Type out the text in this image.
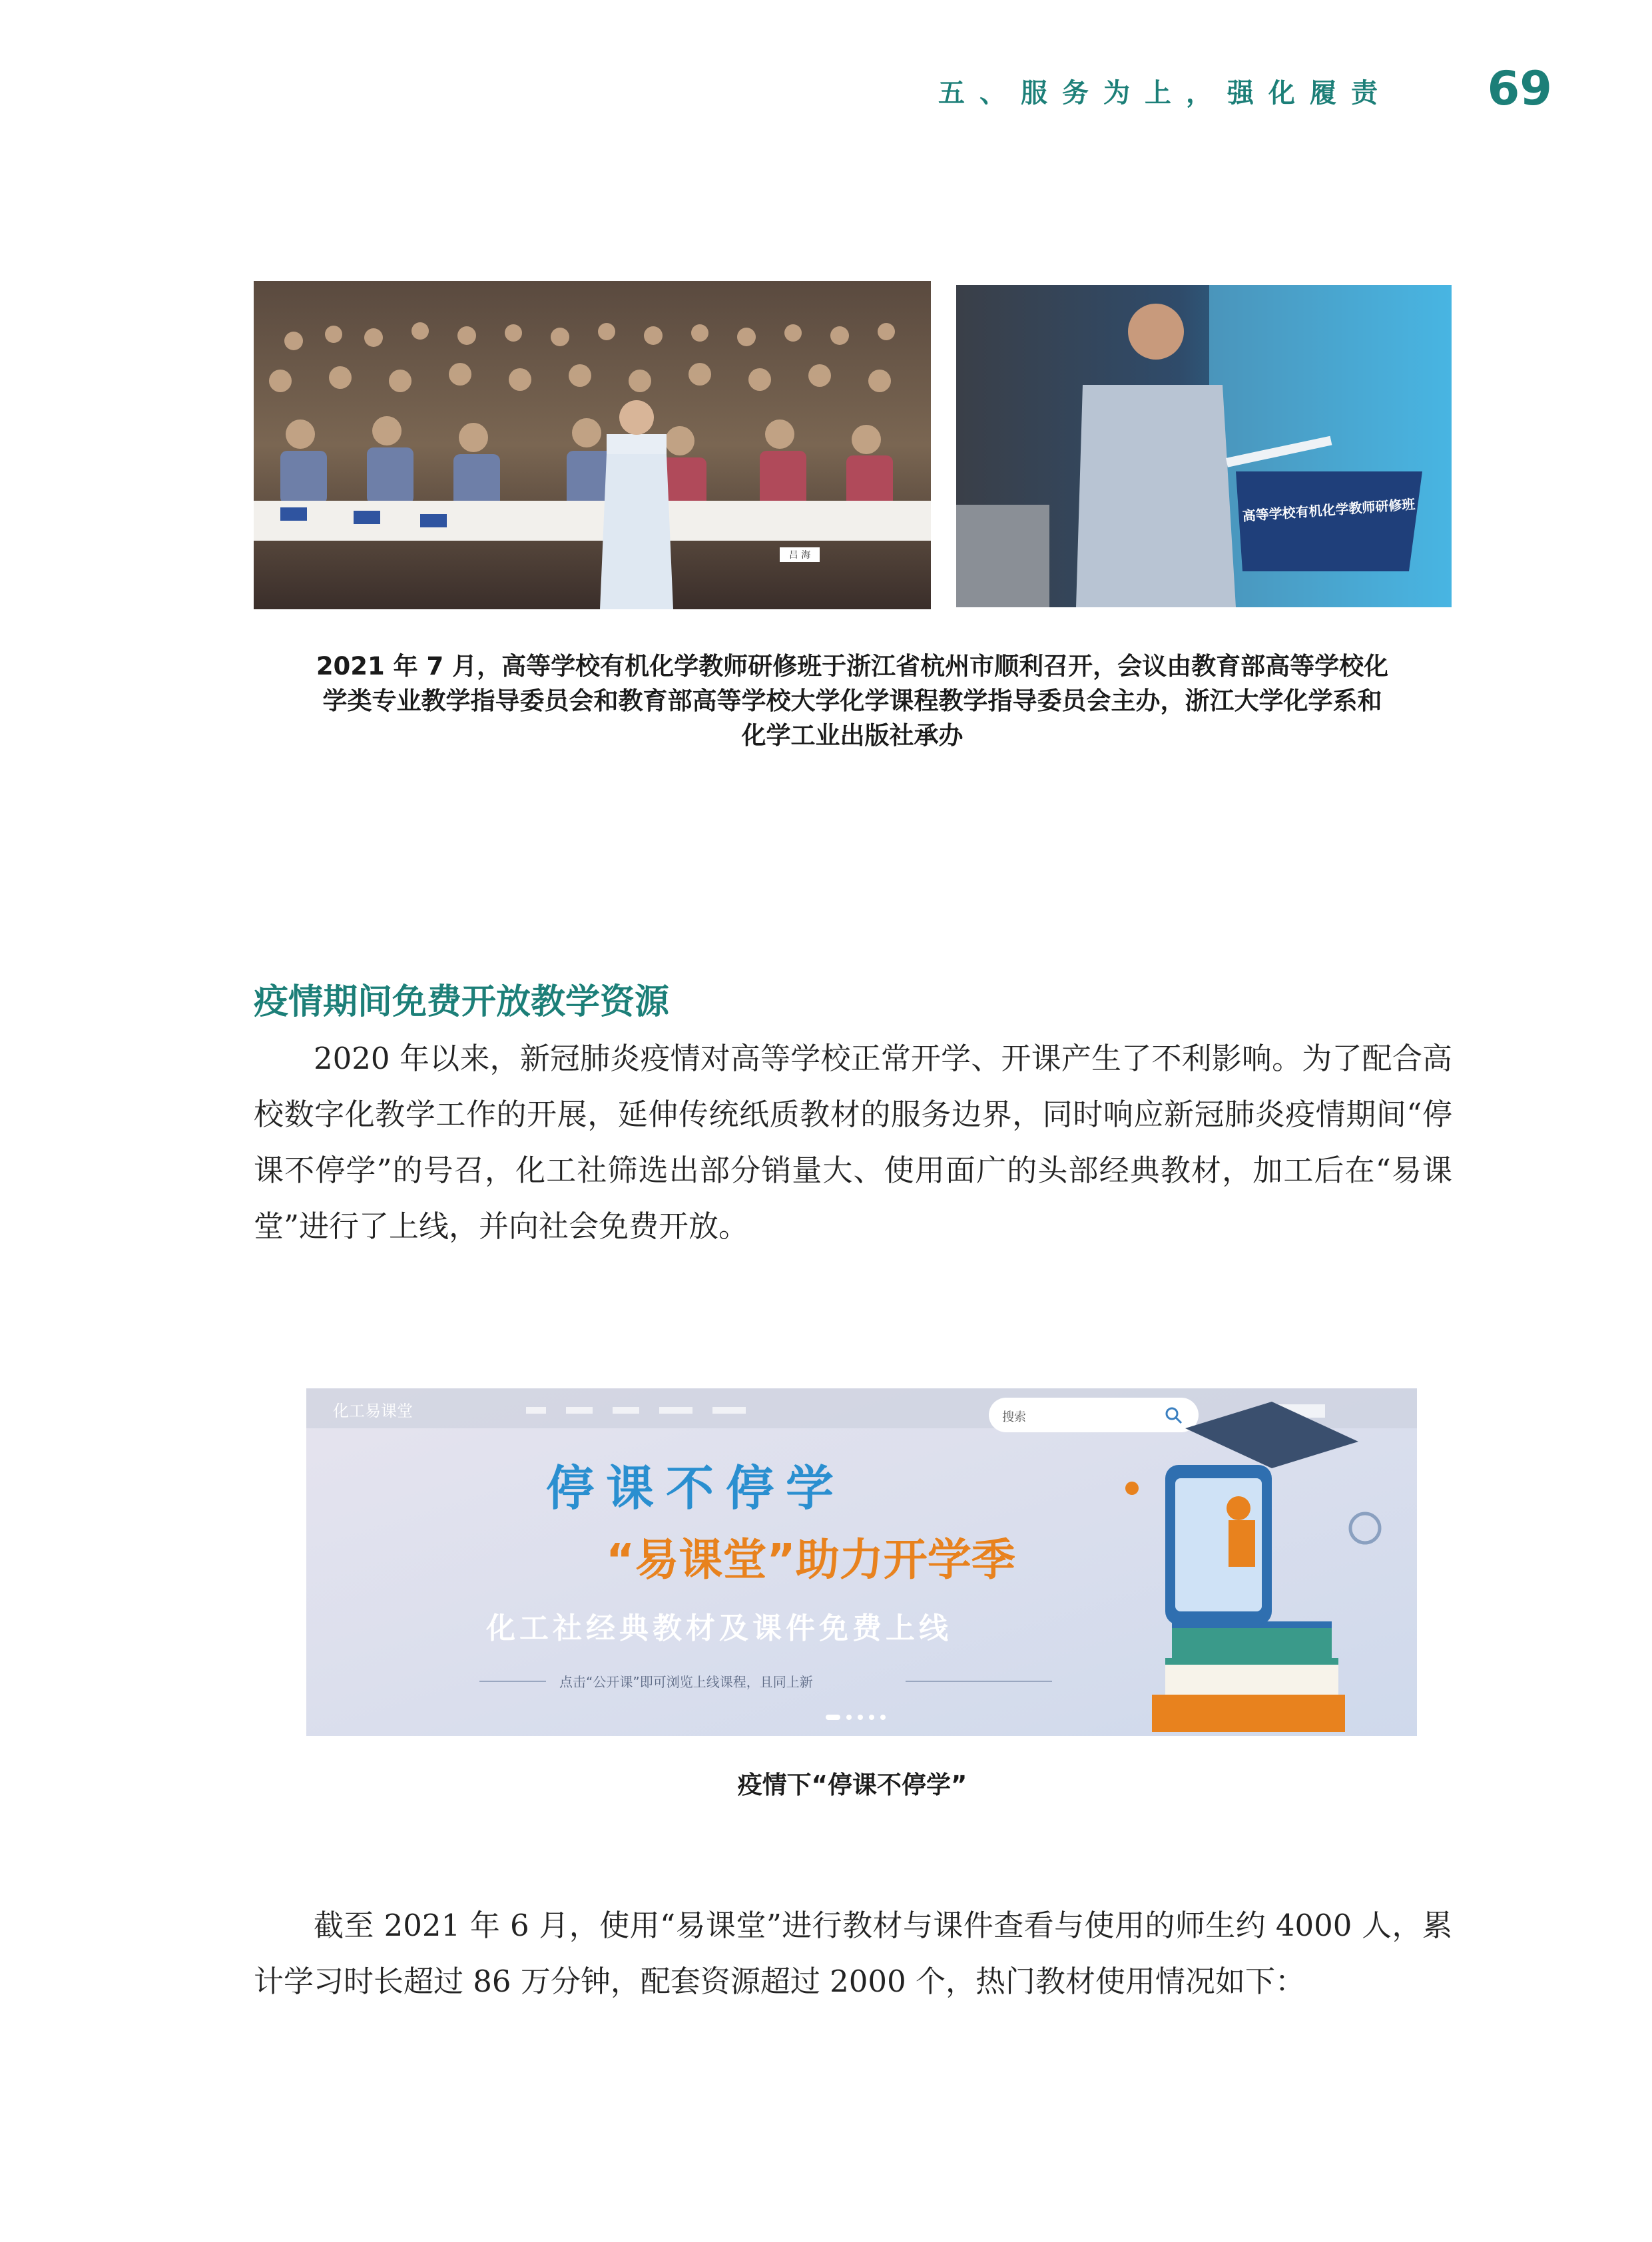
五、服务为上，强化履责 69
吕 海
高等学校有机化学教师研修班
2021 年 7 月，高等学校有机化学教师研修班于浙江省杭州市顺利召开，会议由教育部高等学校化
学类专业教学指导委员会和教育部高等学校大学化学课程教学指导委员会主办，浙江大学化学系和
化学工业出版社承办
疫情期间免费开放教学资源
2020 年以来，新冠肺炎疫情对高等学校正常开学、开课产生了不利影响。为了配合高校数字化教学工作的开展，延伸传统纸质教材的服务边界，同时响应新冠肺炎疫情期间“停课不停学”的号召，化工社筛选出部分销量大、使用面广的头部经典教材，加工后在“易课堂”进行了上线，并向社会免费开放。
化工易课堂	搜索
停课不停学
“易课堂”助力开学季
化工社经典教材及课件免费上线
点击“公开课”即可浏览上线课程，且同上新
疫情下“停课不停学”
截至 2021 年 6 月，使用“易课堂”进行教材与课件查看与使用的师生约 4000 人，累计学习时长超过 86 万分钟，配套资源超过 2000 个，热门教材使用情况如下：
